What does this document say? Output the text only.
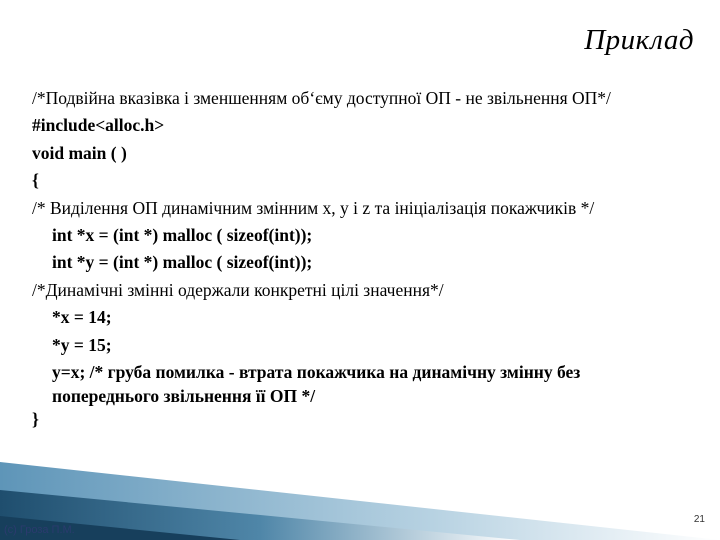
Приклад
/*Подвійна вказівка і зменшенням об‘єму доступної ОП - не звільнення ОП*/
#include<alloc.h>
void main ( )
{
/* Виділення ОП динамічним змінним x, y і z та ініціалізація покажчиків */
int *x = (int *) malloc ( sizeof(int));
int *y = (int *) malloc ( sizeof(int));
/*Динамічні змінні одержали конкретні цілі значення*/
*x = 14;
*y = 15;
y=x; /* груба помилка - втрата покажчика на динамічну змінну без
попереднього звільнення її ОП */
}
(c) Гроза П.М.
21
